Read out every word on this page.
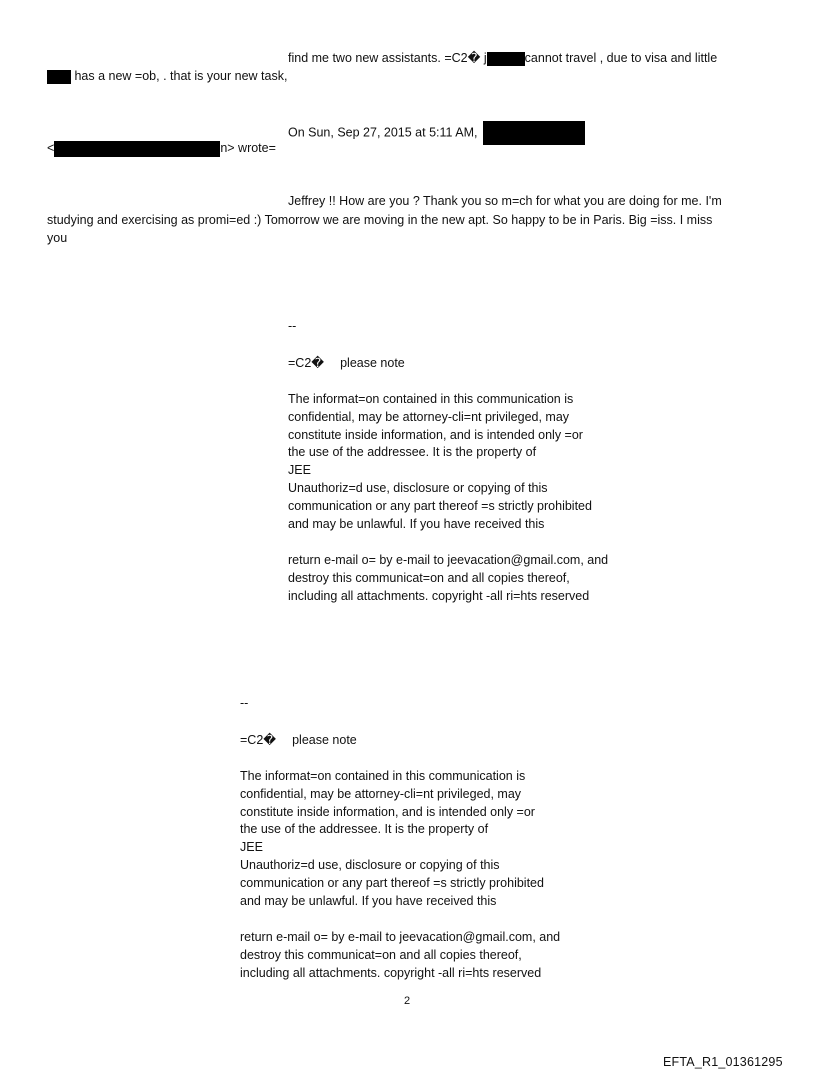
find me two new assistants. =C2� j	cannot travel , due to visa and little
has a new =ob, . that is your new task,
On Sun, Sep 27, 2015 at 5:11 AM,
<	n> wrote=
Jeffrey !! How are you ? Thank you so m=ch for what you are doing for me. I'm
studying and exercising as promi=ed :) Tomorrow we are moving in the new apt. So happy to be in Paris. Big =iss. I miss
you
--
=C2� please note
The informat=on contained in this communication is
confidential, may be attorney-cli=nt privileged, may
constitute inside information, and is intended only =or
the use of the addressee. It is the property of
JEE
Unauthoriz=d use, disclosure or copying of this
communication or any part thereof =s strictly prohibited
and may be unlawful. If you have received this
return e-mail o= by e-mail to jeevacation@gmail.com, and
destroy this communicat=on and all copies thereof,
including all attachments. copyright -all ri=hts reserved
--
=C2� please note
The informat=on contained in this communication is
confidential, may be attorney-cli=nt privileged, may
constitute inside information, and is intended only =or
the use of the addressee. It is the property of
JEE
Unauthoriz=d use, disclosure or copying of this
communication or any part thereof =s strictly prohibited
and may be unlawful. If you have received this
return e-mail o= by e-mail to jeevacation@gmail.com, and
destroy this communicat=on and all copies thereof,
including all attachments. copyright -all ri=hts reserved
2
EFTA_R1_01361295
